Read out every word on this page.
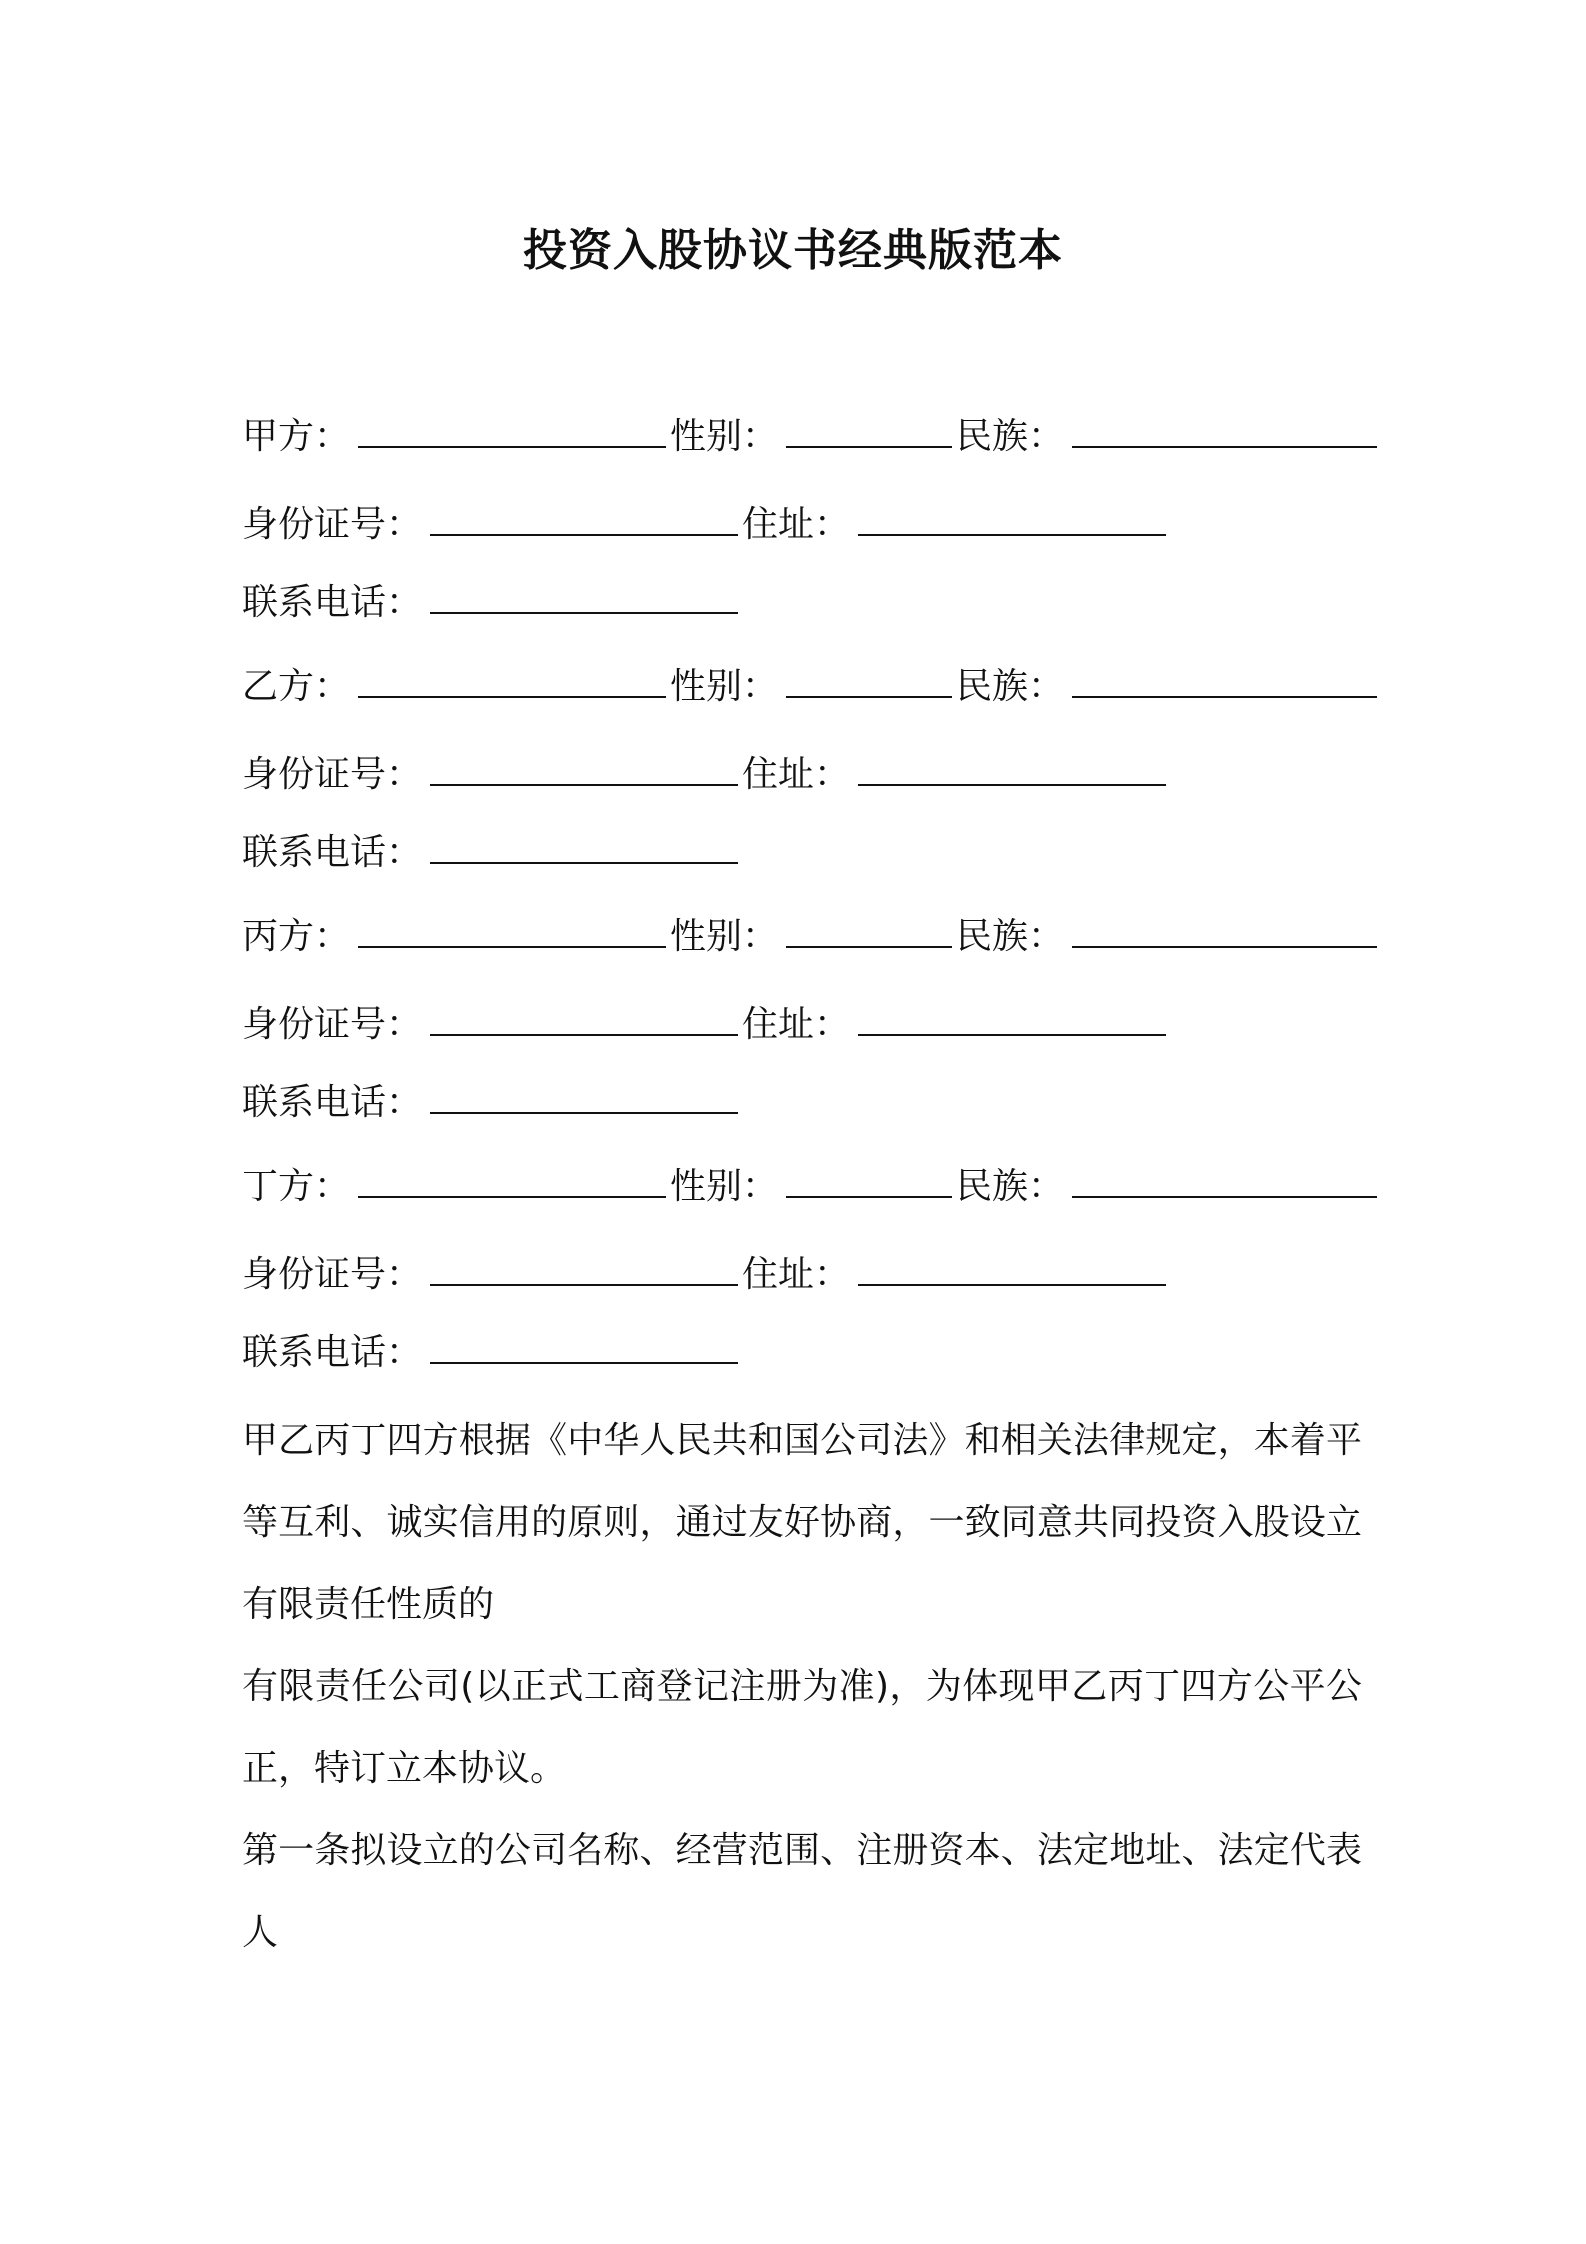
投资入股协议书经典版范本
甲方：	性别：	民族：
身份证号：	住址：
联系电话：
乙方：	性别：	民族：
身份证号：	住址：
联系电话：
丙方：	性别：	民族：
身份证号：	住址：
联系电话：
丁方：	性别：	民族：
身份证号：	住址：
联系电话：
甲乙丙丁四方根据《中华人民共和国公司法》和相关法律规定，本着平等互利、诚实信用的原则，通过友好协商，一致同意共同投资入股设立有限责任性质的
有限责任公司(以正式工商登记注册为准)，为体现甲乙丙丁四方公平公正，特订立本协议。
第一条拟设立的公司名称、经营范围、注册资本、法定地址、法定代表人
